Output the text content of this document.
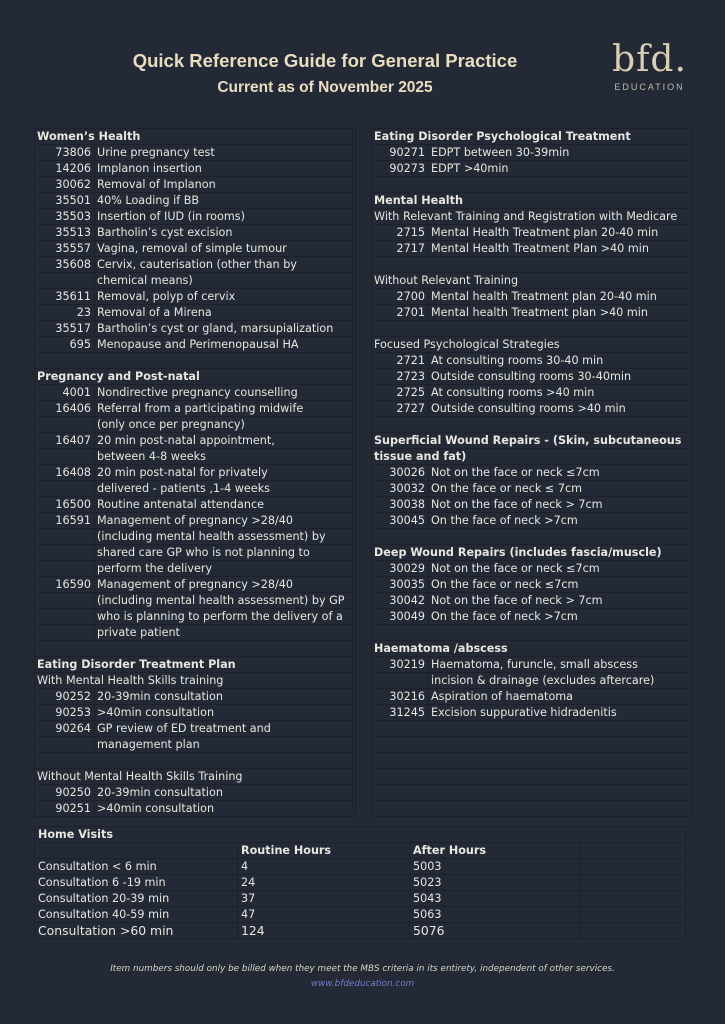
Quick Reference Guide for General Practice
Current as of November 2025
bfd.
EDUCATION
Women’s Health	
73806	Urine pregnancy test
14206	Implanon insertion
30062	Removal of Implanon
35501	40% Loading if BB
35503	Insertion of IUD (in rooms)
35513	Bartholin’s cyst excision
35557	Vagina, removal of simple tumour
35608	Cervix, cauterisation (other than by
	chemical means)
35611	Removal, polyp of cervix
23	Removal of a Mirena
35517	Bartholin’s cyst or gland, marsupialization
695	Menopause and Perimenopausal HA

Pregnancy and Post-natal	
4001	Nondirective pregnancy counselling
16406	Referral from a participating midwife
	(only once per pregnancy)
16407	20 min post-natal appointment,
	between 4-8 weeks
16408	20 min post-natal for privately
	delivered - patients ,1-4 weeks
16500	Routine antenatal attendance
16591	Management of pregnancy >28/40
	(including mental health assessment) by
	shared care GP who is not planning to
	perform the delivery
16590	Management of pregnancy >28/40
	(including mental health assessment) by GP
	who is planning to perform the delivery of a
	private patient

Eating Disorder Treatment Plan	
With Mental Health Skills training	
90252	20-39min consultation
90253	>40min consultation
90264	GP review of ED treatment and
	management plan

Without Mental Health Skills Training	
90250	20-39min consultation
90251	>40min consultation
Eating Disorder Psychological Treatment	
90271	EDPT between 30-39min
90273	EDPT >40min

Mental Health	
With Relevant Training and Registration with Medicare	
2715	Mental Health Treatment plan 20-40 min
2717	Mental Health Treatment Plan >40 min

Without Relevant Training	
2700	Mental health Treatment plan 20-40 min
2701	Mental health Treatment plan >40 min

Focused Psychological Strategies	
2721	At consulting rooms 30-40 min
2723	Outside consulting rooms 30-40min
2725	At consulting rooms >40 min
2727	Outside consulting rooms >40 min

Superficial Wound Repairs - (Skin, subcutaneous	
tissue and fat)	
30026	Not on the face or neck ≤7cm
30032	On the face or neck ≤ 7cm
30038	Not on the face of neck > 7cm
30045	On the face of neck >7cm

Deep Wound Repairs (includes fascia/muscle)	
30029	Not on the face or neck ≤7cm
30035	On the face or neck ≤7cm
30042	Not on the face of neck > 7cm
30049	On the face of neck >7cm

Haematoma /abscess	
30219	Haematoma, furuncle, small abscess
	incision & drainage (excludes aftercare)
30216	Aspiration of haematoma
31245	Excision suppurative hidradenitis

Home Visits			
	Routine Hours	After Hours	
Consultation < 6 min	4	5003	
Consultation 6 -19 min	24	5023	
Consultation 20-39 min	37	5043	
Consultation 40-59 min	47	5063	
Consultation >60 min	124	5076	
Item numbers should only be billed when they meet the MBS criteria in its entirety, independent of other services.
www.bfdeducation.com
